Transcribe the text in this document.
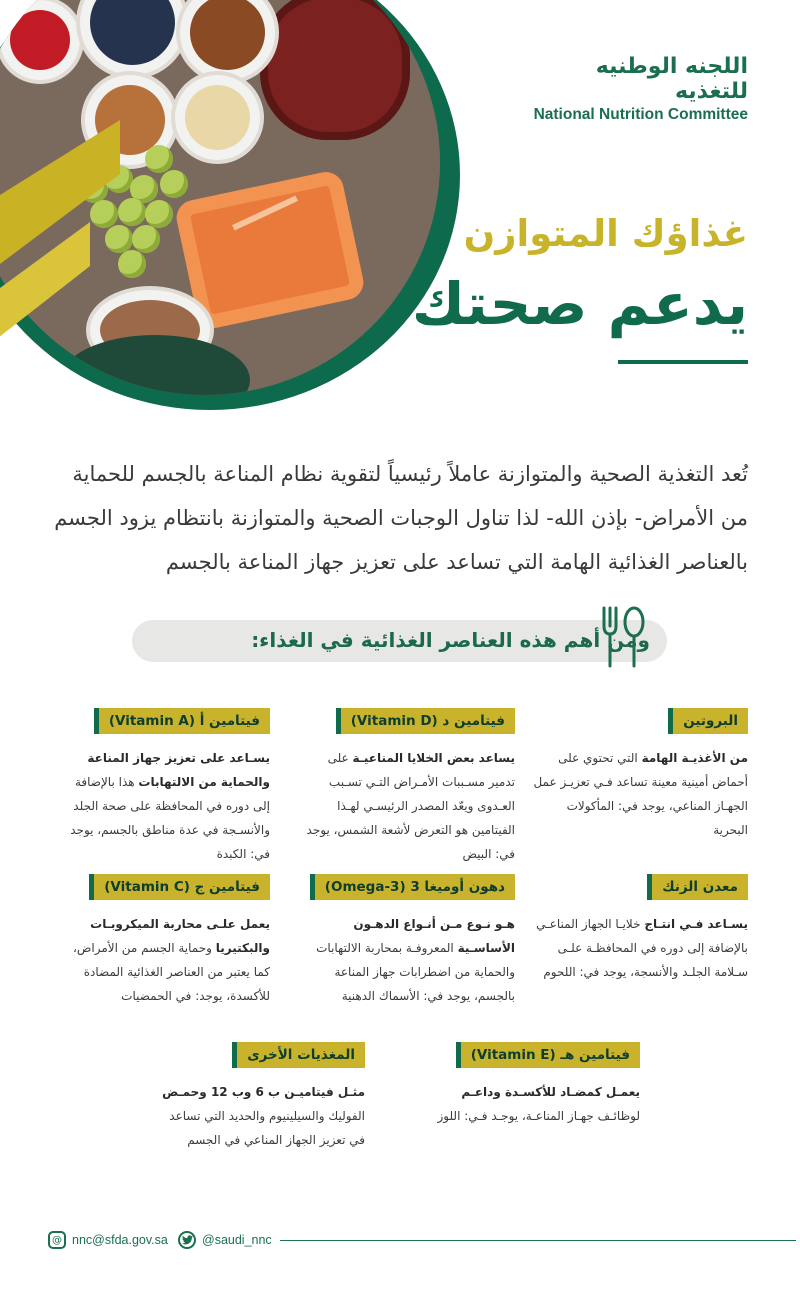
اللجنه الوطنيه للتغذيه
National Nutrition Committee
غذاؤك المتوازن
يدعم صحتك

تُعد التغذية الصحية والمتوازنة عاملاً رئيسياً لتقوية نظام المناعة بالجسم للحماية من الأمراض- بإذن الله- لذا تناول الوجبات الصحية والمتوازنة بانتظام يزود الجسم بالعناصر الغذائية الهامة التي تساعد على تعزيز جهاز المناعة بالجسم

ومن أهم هذه العناصر الغذائية في الغذاء:
البروتين
من الأغذيـة الهامة التي تحتوي على أحماض أمينية معينة تساعد فـي تعزيـز عمل الجهـاز المناعي، يوجد في: المأكولات البحرية
فيتامين د (Vitamin D)
يساعد بعض الخلايا المناعيـة على تدمير مسـببات الأمـراض التـي تسـبب العـدوى ويعّد المصدر الرئيسـي لهـذا الفيتامين هو التعرض لأشعة الشمس، يوجد في: البيض
فيتامين أ (Vitamin A)
يسـاعد على تعزيز جهاز المناعة والحماية من الالتهابات هذا بالإضافة إلى دوره في المحافظة على صحة الجلد والأنسـجة في عدة مناطق بالجسم، يوجد في: الكبدة
معدن الزنك
يسـاعد فـي انتـاج خلايـا الجهاز المناعـي بالإضافة إلى دوره في المحافظـة علـى سـلامة الجلـد والأنسجة، يوجد في: اللحوم
دهون أوميغا 3 (Omega-3)
هـو نـوع مـن أنـواع الدهـون الأساسـية المعروفـة بمحاربة الالتهابات والحماية من اضطرابات جهاز المناعة بالجسم، يوجد في: الأسماك الدهنية
فيتامين ج (Vitamin C)
يعمل علـى محاربة الميكروبـات والبكتيريا وحماية الجسم من الأمراض، كما يعتبر من العناصر الغذائية المضادة للأكسدة، يوجد: في الحمضيات
فيتامين هـ (Vitamin E)
يعمـل كمضـاد للأكسـدة وداعـم لوظائـف جهـاز المناعـة، يوجـد فـي: اللوز
المغذيات الأخرى
مثـل فيتاميـن ب 6 وب 12 وحمـض الفوليك والسيلينيوم والحديد التي تساعد في تعزيز الجهاز المناعي في الجسم
@ nnc@sfda.gov.sa	@saudi_nnc
